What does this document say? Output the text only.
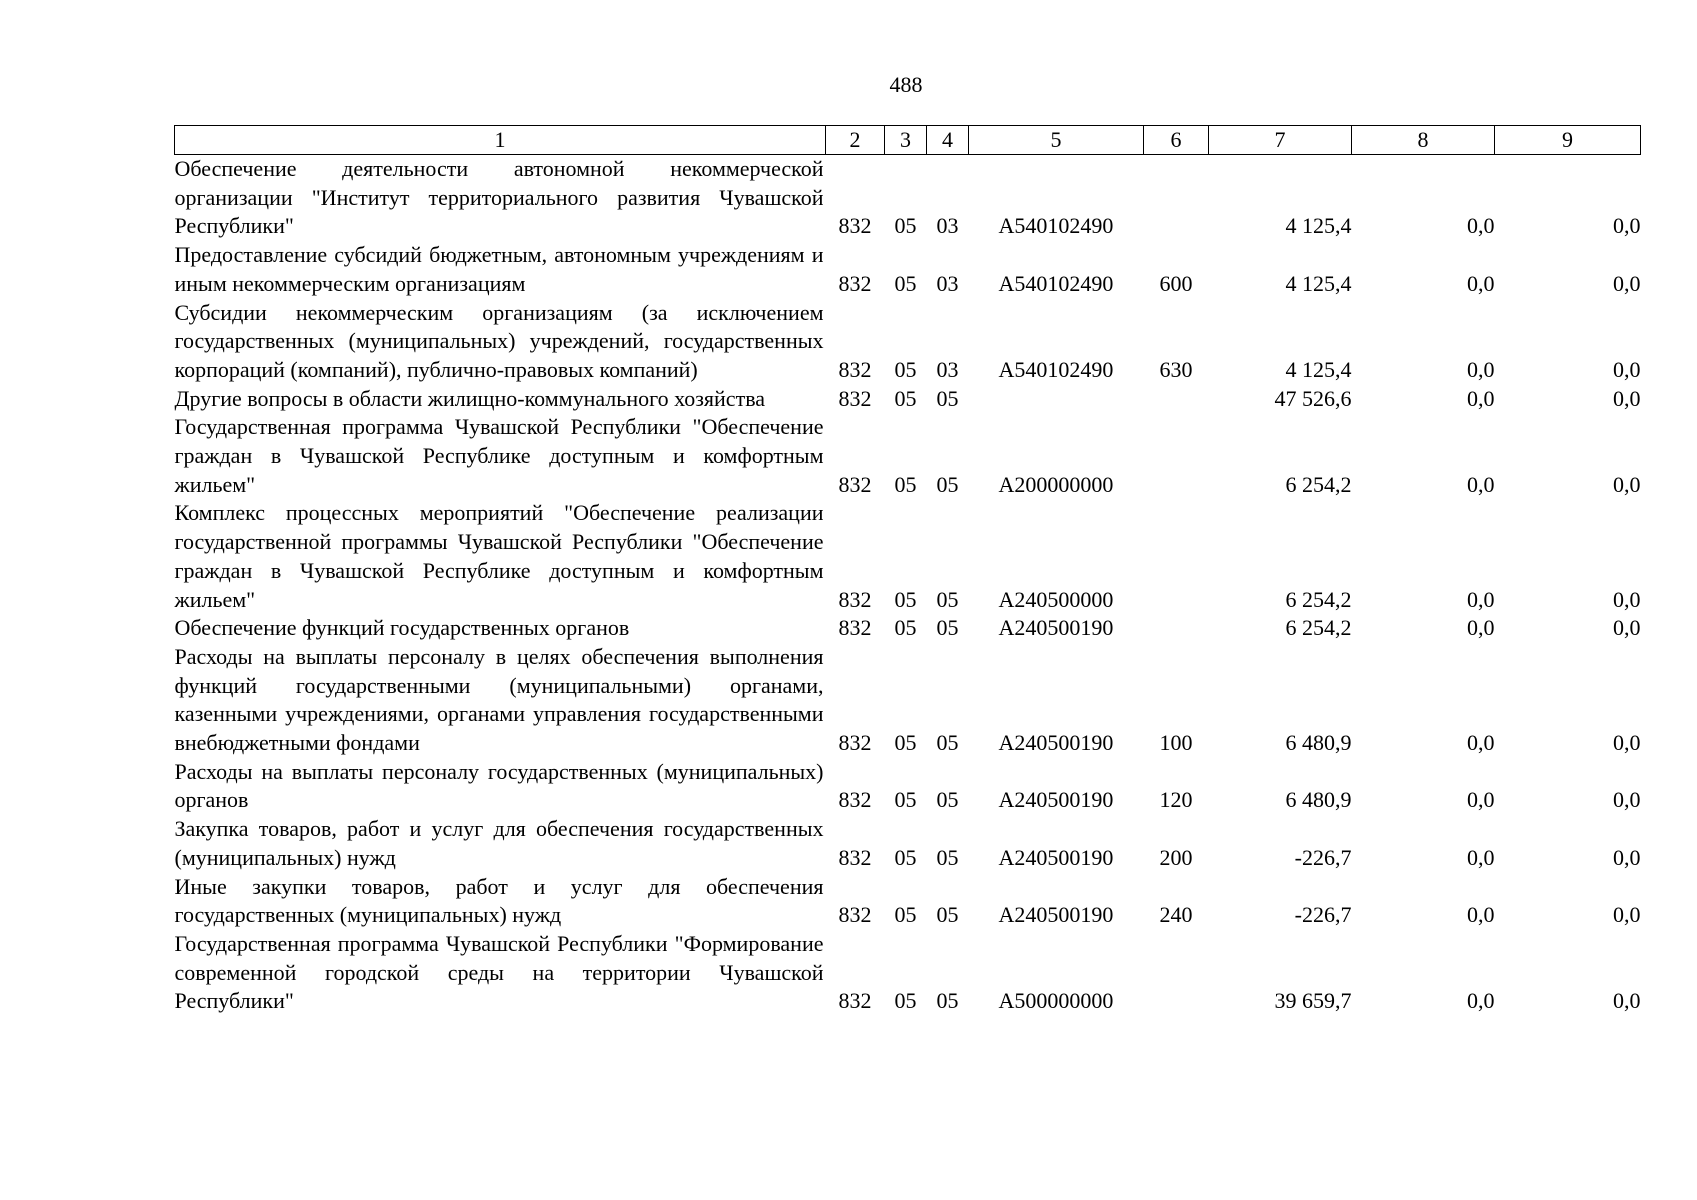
488
1	2	3	4	5	6	7	8	9
Обеспечение деятельности автономной некоммерческой организации "Институт территориального развития Чувашской Республики"	832	05	03	А540102490		4 125,4	0,0	0,0
Предоставление субсидий бюджетным, автономным учреждениям и иным некоммерческим организациям	832	05	03	А540102490	600	4 125,4	0,0	0,0
Субсидии некоммерческим организациям (за исключением государственных (муниципальных) учреждений, государственных корпораций (компаний), публично-правовых компаний)	832	05	03	А540102490	630	4 125,4	0,0	0,0
Другие вопросы в области жилищно-коммунального хозяйства	832	05	05			47 526,6	0,0	0,0
Государственная программа Чувашской Республики "Обеспечение граждан в Чувашской Республике доступным и комфортным жильем"	832	05	05	А200000000		6 254,2	0,0	0,0
Комплекс процессных мероприятий "Обеспечение реализации государственной программы Чувашской Республики "Обеспечение граждан в Чувашской Республике доступным и комфортным жильем"	832	05	05	А240500000		6 254,2	0,0	0,0
Обеспечение функций государственных органов	832	05	05	А240500190		6 254,2	0,0	0,0
Расходы на выплаты персоналу в целях обеспечения выполнения функций государственными (муниципальными) органами, казенными учреждениями, органами управления государственными внебюджетными фондами	832	05	05	А240500190	100	6 480,9	0,0	0,0
Расходы на выплаты персоналу государственных (муниципальных) органов	832	05	05	А240500190	120	6 480,9	0,0	0,0
Закупка товаров, работ и услуг для обеспечения государственных (муниципальных) нужд	832	05	05	А240500190	200	-226,7	0,0	0,0
Иные закупки товаров, работ и услуг для обеспечения государственных (муниципальных) нужд	832	05	05	А240500190	240	-226,7	0,0	0,0
Государственная программа Чувашской Республики "Формирование современной городской среды на территории Чувашской Республики"	832	05	05	А500000000		39 659,7	0,0	0,0
